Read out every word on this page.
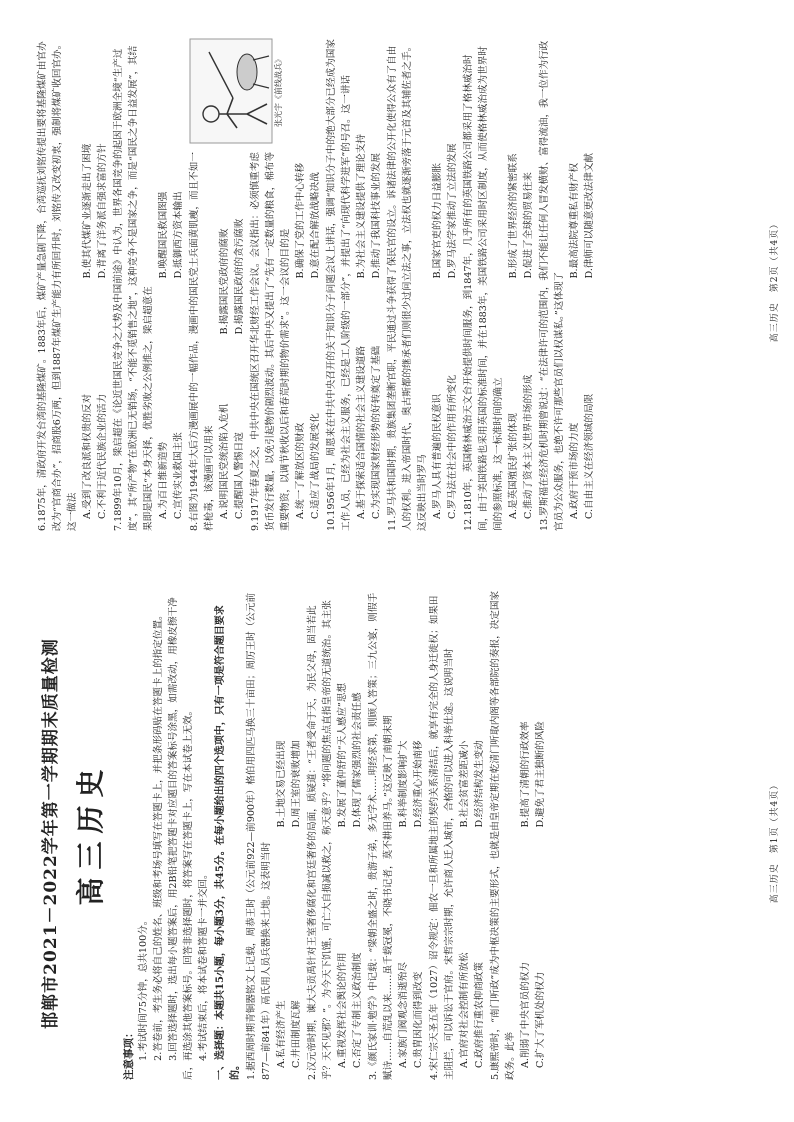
邯郸市2021－2022学年第一学期期末质量检测 高三历史
注意事项： 1.考试时间75分钟，总共100分。 2.答卷前，考生务必将自己的姓名、班级和考场号填写在答题卡上，并把条形码贴在答题卡上的指定位置。 3.回答选择题时，选出每小题答案后，用2B铅笔把答题卡对应题目的答案标号涂黑，如需改动，用橡皮擦干净后，再选涂其他答案标号。回答非选择题时，将答案写在答题卡上，写在本试卷上无效。 4.考试结束后，将本试卷和答题卡一并交回。 一、选择题：本题共15小题，每小题3分，共45分。在每小题给出的四个选项中，只有一项是符合题目要求的。 1.据西周时期青铜器铭文上记载，周恭王时（公元前922—前900年）格伯用四匹马换三十亩田；周厉王时（公元前877—前841年）鬲氏用人员兵器换来土地。这表明当时 A.私有经济产生
B.土地交易已经出现
C.井田制度瓦解
D.周王室的衰败增加 2.汉元帝时期，谏大夫贡禹针对王室奢侈腐化和宫廷奢侈的局面，质疑道：“王者受命于天，为民父母，固当若此乎？天不见邪？”。为今天下饥馑，可亡大自损减以救之，称天意乎？”将问题的焦点直指皇帝的无道统治。其主张 A.重视发挥社会舆论的作用
B.发展了董仲舒的“天人感应”思想
C.否定了专制主义政治制度
D.体现了儒家强烈的社会责任感 3.《颜氏家训·勉学》中记载：“梁朝全盛之时，贵游子弟，多无学术……明经求第，则顾人答策；三九公宴，则假手赋诗……自荒乱以来……虽千载冠冕，不晓书记者，莫不耕田养马。”这反映了南朝末期 A.家族门阀观念消逝殆尽
B.科举制度影响扩大
C.贵胄因化而得到改变
D.经济重心开始南移 4.宋仁宗天圣五年（1027）诏令规定：佃农一旦和所属地主的契约关系清结后，就享有完全的人身迁徙权；如果田主阻拦，可以诉讼于官府。宋哲宗宗时期，允许商人迁入城市，合格的可以进入科举仕途。这说明当时 A.官府对社会控制有所放松
B.社会贫富差距减小
C.政府推行重农抑商政策
D.经济结构发生变动 5.康熙帝时，“南门听政”成为中枢决策的主要形式，也就是由皇帝定期在乾清门听取内阁等各部院的奏报，决定国家政务。此举 A.削弱了中央官员的权力
B.提高了清朝的行政效率
C.扩大了军机处的权力
D.避免了君主独断的风险
高三历史　第1页（共4页）
6.1875年，清政府开发台湾的基隆煤矿。1883年后，煤矿产量急剧下降，台湾巡抚刘铭传提出要将基隆煤矿由官办改为“官商合办”，招商股6万两，但到1887年煤矿生产能力有所回升时，刘铭传又改变初衷，强制将煤矿收回官办。这一做法 A.受到了改良派和权贵的反对
B.使其代煤矿业逐渐走出了困境
C.不利于近代民族企业的活力
D.背离了洋务派自强求富的方针 7.1899年10月，梁启超在《论近世国民竞争之大势及中国前途》中认为，世界各国竞争的起因于欧洲全境“生产过度”，其“所产物”在欧洲已无销场，“不能不觅销售之地”，这种竞争不是国家之争，而是“国民之争日益发展”，其结果即是国民“本身天择，优胜劣败之公例推之，梁启超意在 A.为百日维新造势
B.唤醒国民救国图强
C.宣传实业救国主张
D.抵御西方资本输出
张光宇《前线战兵》
8.右图为1944年大后方漫画展中的一幅作品，漫画中的国民党士兵面黄肌瘦，而且不如一样枪毒，该漫画可以用来 A.说明国民党统治陷入危机
B.揭露国民党政府的腐败
C.提醒国人警惕日寇
D.揭露国民政府的贪污腐败 9.1917年春夏之交，中共中央在国统区召开华北财经工作会议。会议指出：必须慎重考虑货币发行数量，以免引起物价剧烈波动。其后中央又提出了“先有一定数量的粮食，棉布等重要物资，以调节秋收以后和春荒时期的物价需求”。这一会议的目的是 A.统一了解放区的财政
B.确保了党的工作中心转移
C.适应了战局的发展变化
D.意在配合解放战略决战 10.1956年1月，周恩来在中共中央召开的关于知识分子问题会议上讲话，强调“知识分子中的绝大部分已经成为国家工作人员，已经为社会主义服务，已经是工人阶级的一部分”，并提出了“向现代科学进军”的号召。这一讲话 A.基于探索适合国情的社会主义建设道路
B.为社会主义建设提供了理论支持
C.为实现国家财经形势的好转奠定了基础
D.推动了我国科技事业的发展 11.罗马共和国时期，贵族集团垄断官职，平民通过斗争获得了保民官的设立。诉诸法律的公开化使得公众有了自由人的权利。进入帝国时代，奥古斯都的继承者们则很少过问立法之事，立法权也就逐渐旁落于元首及其辅佐者之手。这反映出当时罗马 A.罗马人具有普遍的民权意识
B.国家官吏的权力日益膨胀
C.罗马法在社会中的作用有所变化
D.罗马法学家推动了立法的发展 12.1810年，英国格林威治天文台开始提供时间服务，到1847年，几乎所有的英国铁路公司都采用了格林威治时间，由于美国铁路也采用英国的标准时间，并在1883年，美国铁路公司采用时区制度，从而使格林威治成为世界时间的参照标准，这一标准时间的确立 A.是英国殖民扩张的体现
B.形成了世界经济的紧密联系
C.推动了资本主义世界市场的形成
D.促进了全球的贸易往来 13.罗斯福在经济危机时期曾说过：“在法律许可的范围内，我们不能让任何人冒发横财、富得流油，我一位作为行政官员为公众服务，也绝不许可那些官员们以权谋私。”这体现了 A.政府干预市场的力度
B.最高法院尊重私有财产权
C.自由主义在经济领域的局限
D.律师可以随意更改法律文献
高三历史　第2页（共4页）
